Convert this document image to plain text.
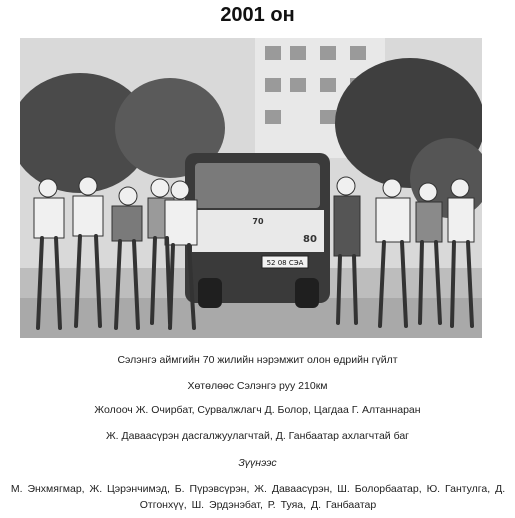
2001 он
70
80
52 08 СЭА
Сэлэнгэ аймгийн 70 жилийн нэрэмжит олон өдрийн гүйлт
Хөтөлөөс Сэлэнгэ руу 210км
Жолооч Ж. Очирбат, Сурвалжлагч Д. Болор, Цагдаа Г. Алтаннаран
Ж. Даваасүрэн дасгалжуулагчтай, Д. Ганбаатар ахлагчтай баг
Зүүнээс
М. Энхмягмар, Ж. Цэрэнчимэд, Б. Пүрэвсүрэн, Ж. Даваасүрэн, Ш. Болорбаатар, Ю. Гантулга, Д. Отгонхүү, Ш. Эрдэнэбат, Р. Туяа, Д. Ганбаатар
